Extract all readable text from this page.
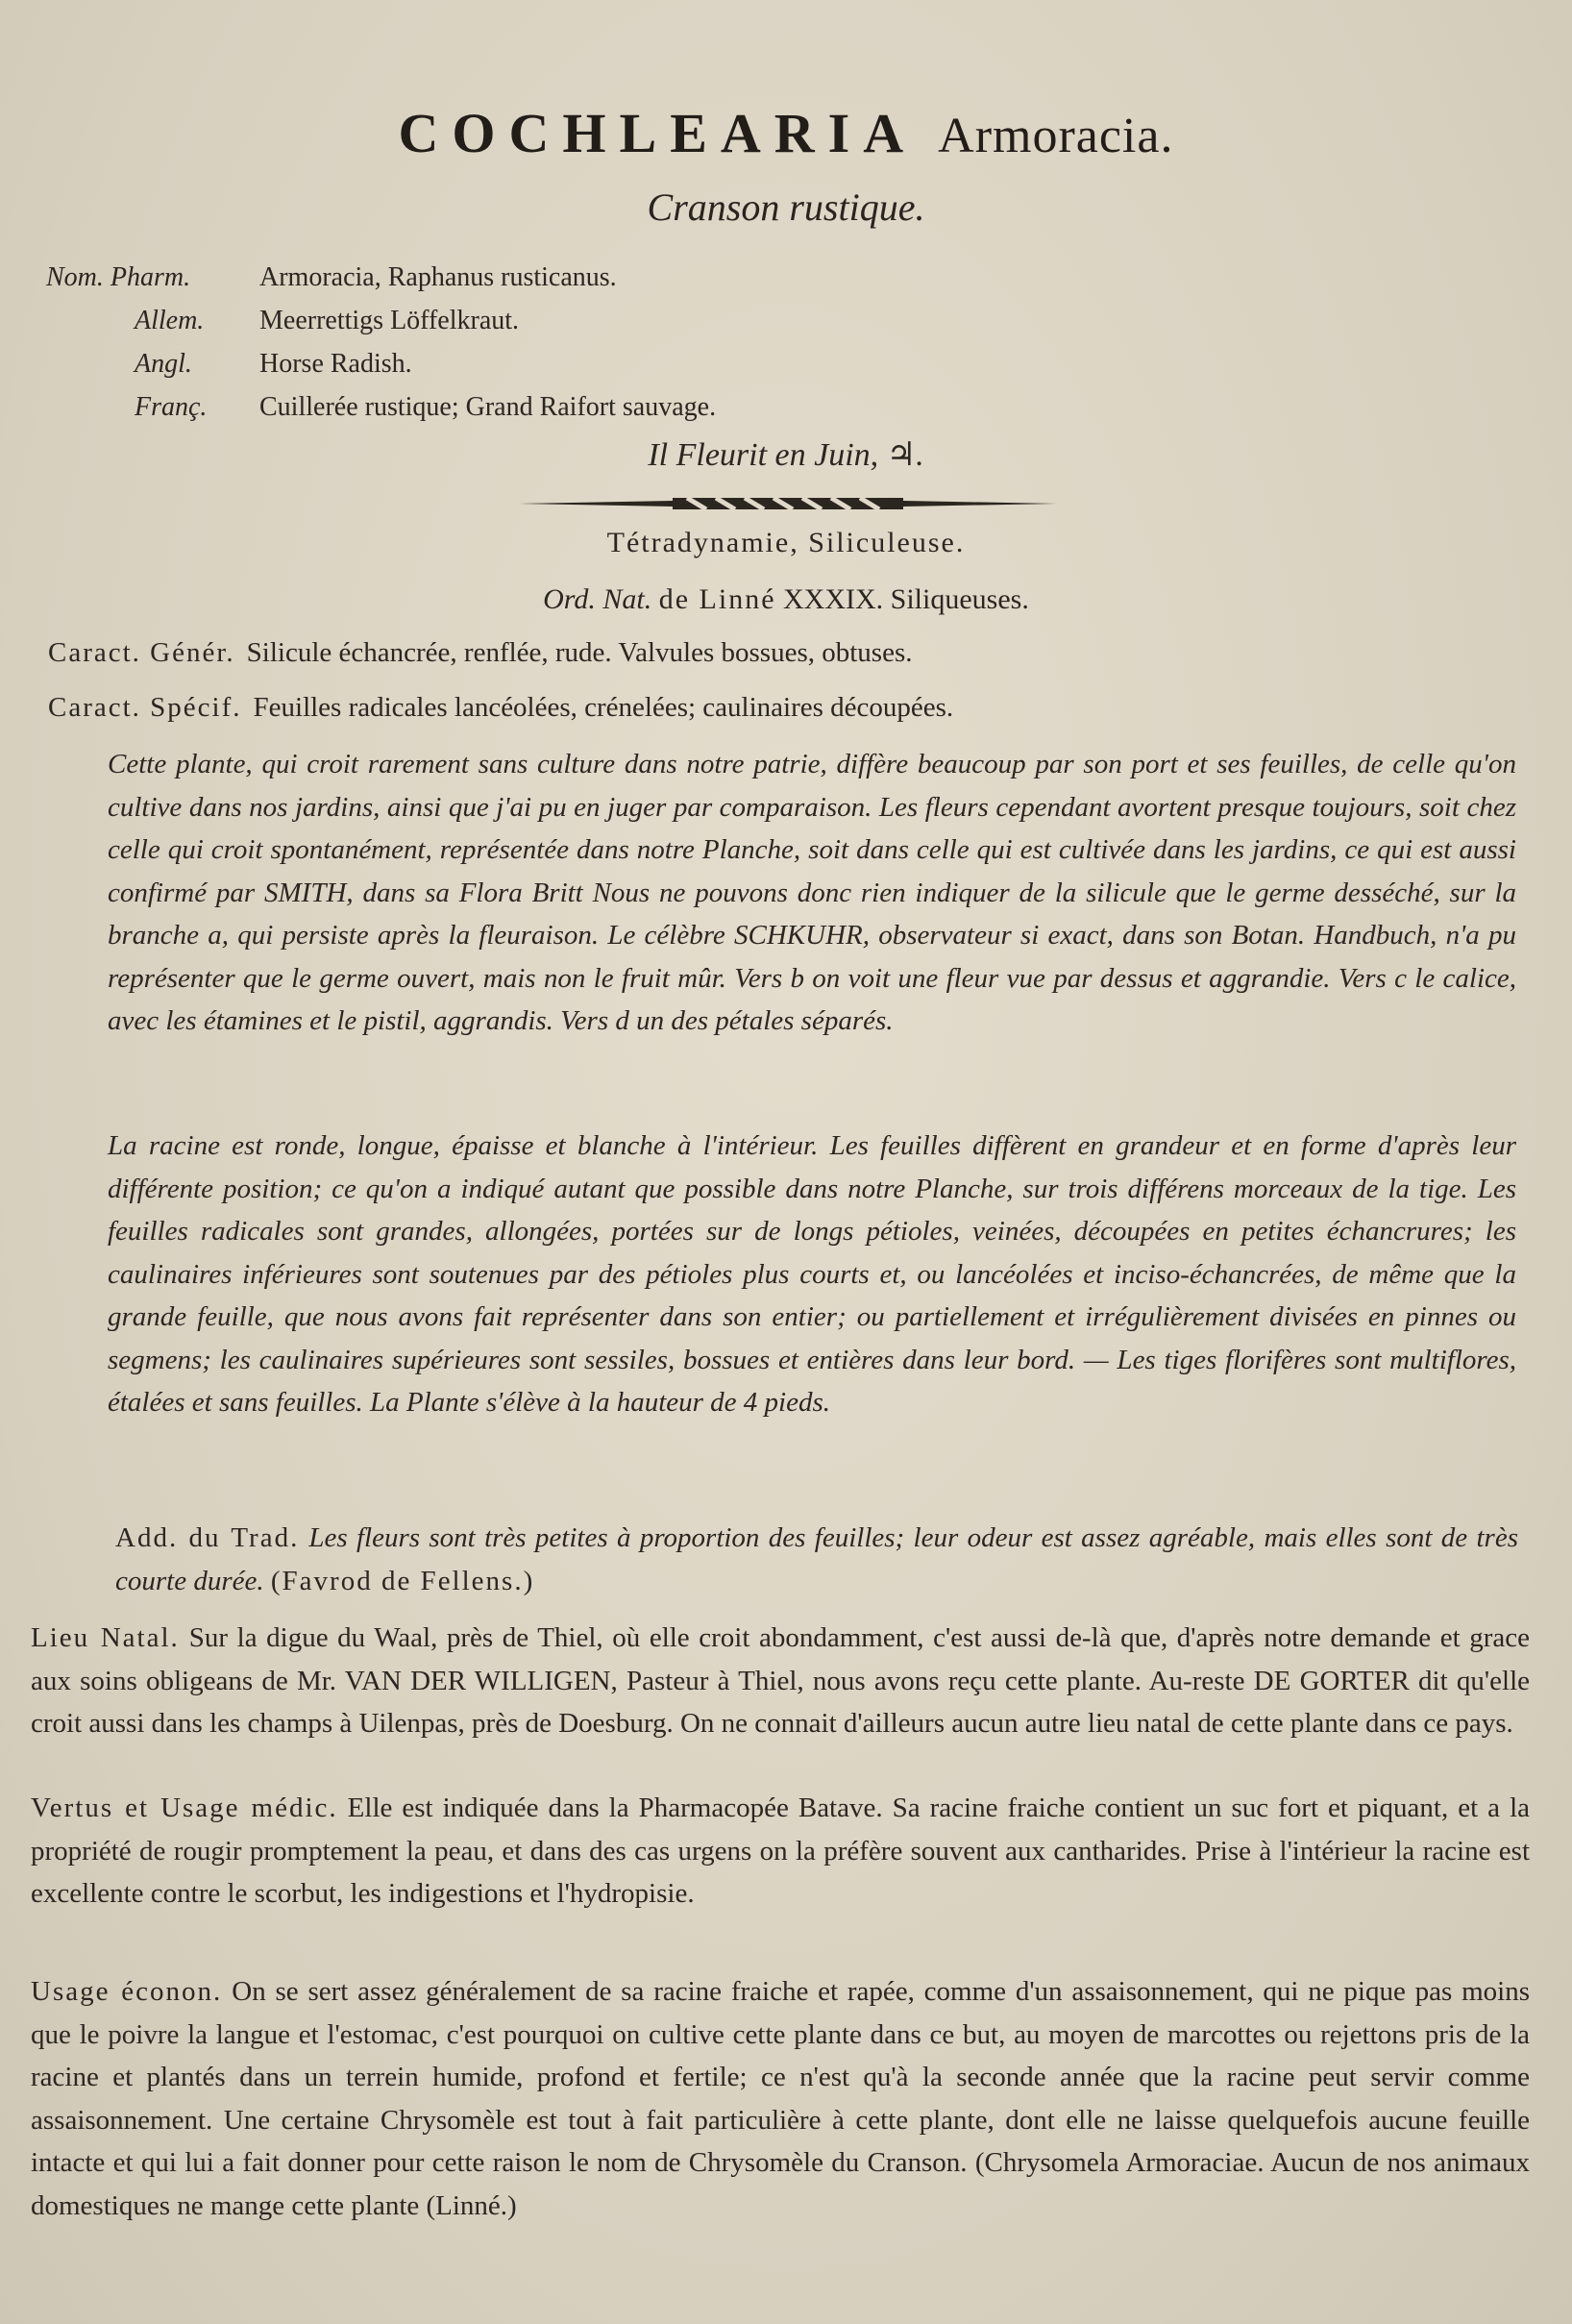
COCHLEARIA Armoracia.
Cranson rustique.
Nom. Pharm.	Armoracia, Raphanus rusticanus.
Allem. Meerrettigs Löffelkraut.
Angl.	Horse Radish.
Franç. Cuillerée rustique; Grand Raifort sauvage.
Il Fleurit en Juin, ♃.
Tétradynamie, Siliculeuse.
Ord. Nat. de Linné XXXIX. Siliqueuses.
Caract. Génér. Silicule échancrée, renflée, rude. Valvules bossues, obtuses.
Caract. Spécif. Feuilles radicales lancéolées, crénelées; caulinaires découpées.
Cette plante, qui croit rarement sans culture dans notre patrie, diffère beaucoup par son port et ses feuilles, de celle qu'on cultive dans nos jardins, ainsi que j'ai pu en juger par comparaison. Les fleurs cependant avortent presque toujours, soit chez celle qui croit spontanément, représentée dans notre Planche, soit dans celle qui est cultivée dans les jardins, ce qui est aussi confirmé par SMITH, dans sa Flora Britt Nous ne pouvons donc rien indiquer de la silicule que le germe desséché, sur la branche a, qui persiste après la fleuraison. Le célèbre SCHKUHR, observateur si exact, dans son Botan. Handbuch, n'a pu représenter que le germe ouvert, mais non le fruit mûr. Vers b on voit une fleur vue par dessus et aggrandie. Vers c le calice, avec les étamines et le pistil, aggrandis. Vers d un des pétales séparés.
La racine est ronde, longue, épaisse et blanche à l'intérieur. Les feuilles diffèrent en grandeur et en forme d'après leur différente position; ce qu'on a indiqué autant que possible dans notre Planche, sur trois différens morceaux de la tige. Les feuilles radicales sont grandes, allongées, portées sur de longs pétioles, veinées, découpées en petites échancrures; les caulinaires inférieures sont soutenues par des pétioles plus courts et, ou lancéolées et inciso-échancrées, de même que la grande feuille, que nous avons fait représenter dans son entier; ou partiellement et irrégulièrement divisées en pinnes ou segmens; les caulinaires supérieures sont sessiles, bossues et entières dans leur bord. — Les tiges florifères sont multiflores, étalées et sans feuilles. La Plante s'élève à la hauteur de 4 pieds.
Add. du Trad. Les fleurs sont très petites à proportion des feuilles; leur odeur est assez agréable, mais elles sont de très courte durée. (Favrod de Fellens.)
Lieu Natal. Sur la digue du Waal, près de Thiel, où elle croit abondamment, c'est aussi de-là que, d'après notre demande et grace aux soins obligeans de Mr. VAN DER WILLIGEN, Pasteur à Thiel, nous avons reçu cette plante. Au-reste DE GORTER dit qu'elle croit aussi dans les champs à Uilenpas, près de Doesburg. On ne connait d'ailleurs aucun autre lieu natal de cette plante dans ce pays.
Vertus et Usage médic. Elle est indiquée dans la Pharmacopée Batave. Sa racine fraiche contient un suc fort et piquant, et a la propriété de rougir promptement la peau, et dans des cas urgens on la préfère souvent aux cantharides. Prise à l'intérieur la racine est excellente contre le scorbut, les indigestions et l'hydropisie.
Usage éconon. On se sert assez généralement de sa racine fraiche et rapée, comme d'un assaisonnement, qui ne pique pas moins que le poivre la langue et l'estomac, c'est pourquoi on cultive cette plante dans ce but, au moyen de marcottes ou rejettons pris de la racine et plantés dans un terrein humide, profond et fertile; ce n'est qu'à la seconde année que la racine peut servir comme assaisonnement. Une certaine Chrysomèle est tout à fait particulière à cette plante, dont elle ne laisse quelquefois aucune feuille intacte et qui lui a fait donner pour cette raison le nom de Chrysomèle du Cranson. (Chrysomela Armoraciae. Aucun de nos animaux domestiques ne mange cette plante (Linné.)
